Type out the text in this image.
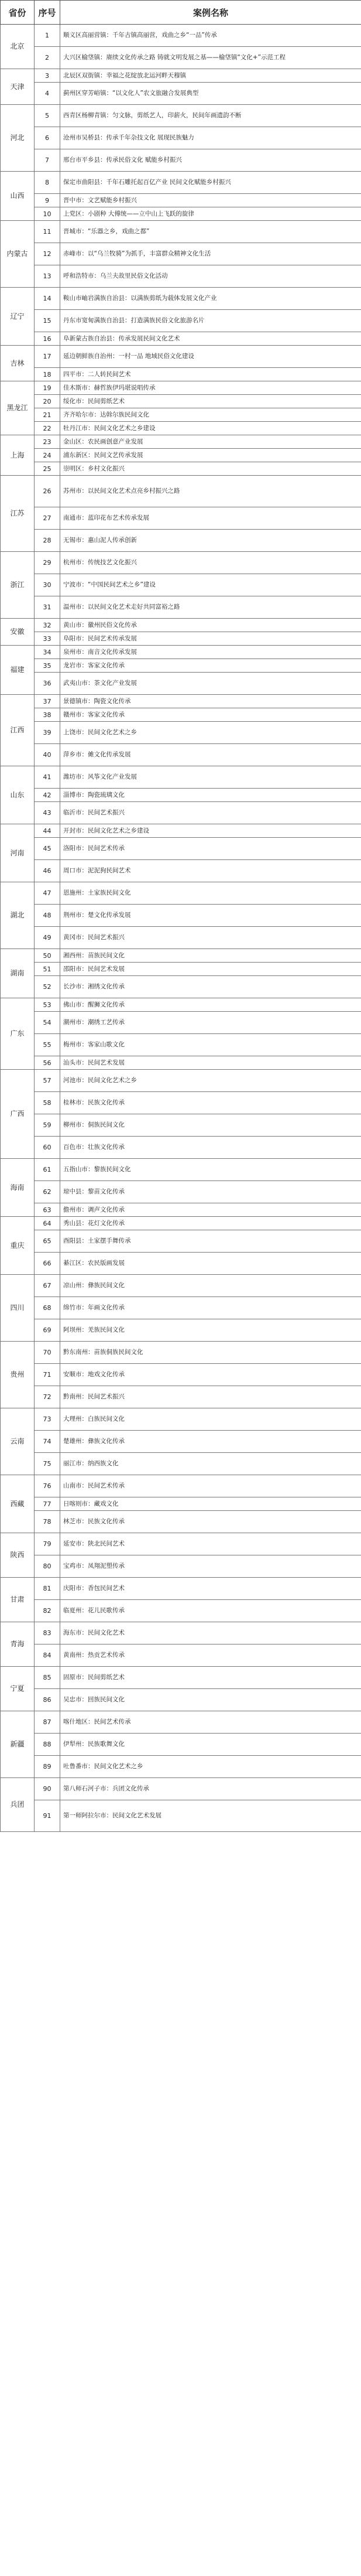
省份	序号	案例名称
北京	1	顺义区高丽营镇：千年古镇高丽营，戏曲之乡“一品”传承
	2	大兴区榆垡镇：赓续文化传承之路 铸就文明发展之基——榆垡镇“文化+”示范工程
天津	3	北辰区双街镇：幸福之花绽放北运河畔天穆镇
	4	蓟州区穿芳峪镇：“以文化人”农文旅融合发展典型
河北	5	西青区杨柳青镇：匀文脉，剪纸艺人，印薪火，民间年画遗韵不断
	6	沧州市吴桥县：传承千年杂技文化 展现民族魅力
	7	邢台市平乡县：传承民俗文化 赋能乡村振兴
山西	8	保定市曲阳县：千年石雕托起百亿产业 民间文化赋能乡村振兴
	9	晋中市：文艺赋能乡村振兴
	10	上党区：小剧种 大傅统——立中山上飞跃的旋律
内蒙古	11	晋城市：“乐器之乡，戏曲之都”
	12	赤峰市：以“乌兰牧骑”为抓手，丰富群众精神文化生活
	13	呼和浩特市：乌兰夫故里民俗文化活动
辽宁	14	鞍山市岫岩满族自治县：以满族剪纸为载体发展文化产业
	15	丹东市宽甸满族自治县：打造满族民俗文化旅游名片
	16	阜新蒙古族自治县：传承发展民间文化艺术
吉林	17	延边朝鲜族自治州：一村一品 地域民俗文化建设
	18	四平市：二人转民间艺术
黑龙江	19	佳木斯市：赫哲族伊玛堪说唱传承
	20	绥化市：民间剪纸艺术
	21	齐齐哈尔市：达斡尔族民间文化
	22	牡丹江市：民间文化艺术之乡建设
上海	23	金山区：农民画创意产业发展
	24	浦东新区：民间文艺传承发展
	25	崇明区：乡村文化振兴
江苏	26	苏州市：以民间文化艺术点亮乡村振兴之路
	27	南通市：蓝印花布艺术传承发展
	28	无锡市：惠山泥人传承创新
浙江	29	杭州市：传统技艺文化振兴
	30	宁波市：“中国民间艺术之乡”建设
	31	温州市：以民间文化艺术走好共同富裕之路
安徽	32	黄山市：徽州民俗文化传承
	33	阜阳市：民间艺术传承发展
福建	34	泉州市：南音文化传承发展
	35	龙岩市：客家文化传承
	36	武夷山市：茶文化产业发展
江西	37	景德镇市：陶瓷文化传承
	38	赣州市：客家文化传承
	39	上饶市：民间文化艺术之乡
	40	萍乡市：傩文化传承发展
山东	41	潍坊市：风筝文化产业发展
	42	淄博市：陶瓷琉璃文化
	43	临沂市：民间艺术振兴
河南	44	开封市：民间文化艺术之乡建设
	45	洛阳市：民间艺术传承
	46	周口市：泥泥狗民间艺术
湖北	47	恩施州：土家族民间文化
	48	荆州市：楚文化传承发展
	49	黄冈市：民间艺术振兴
湖南	50	湘西州：苗族民间文化
	51	邵阳市：民间艺术发展
	52	长沙市：湘绣文化传承
广东	53	佛山市：醒狮文化传承
	54	潮州市：潮绣工艺传承
	55	梅州市：客家山歌文化
	56	汕头市：民间艺术发展
广西	57	河池市：民间文化艺术之乡
	58	桂林市：民族文化传承
	59	柳州市：侗族民间文化
	60	百色市：壮族文化传承
海南	61	五指山市：黎族民间文化
	62	琼中县：黎苗文化传承
	63	儋州市：调声文化传承
重庆	64	秀山县：花灯文化传承
	65	酉阳县：土家摆手舞传承
	66	綦江区：农民版画发展
四川	67	凉山州：彝族民间文化
	68	绵竹市：年画文化传承
	69	阿坝州：羌族民间文化
贵州	70	黔东南州：苗族侗族民间文化
	71	安顺市：地戏文化传承
	72	黔南州：民间艺术振兴
云南	73	大理州：白族民间文化
	74	楚雄州：彝族文化传承
	75	丽江市：纳西族文化
西藏	76	山南市：民间艺术传承
	77	日喀则市：藏戏文化
	78	林芝市：民族文化传承
陕西	79	延安市：陕北民间艺术
	80	宝鸡市：凤翔泥塑传承
甘肃	81	庆阳市：香包民间艺术
	82	临夏州：花儿民歌传承
青海	83	海东市：民间文化艺术
	84	黄南州：热贡艺术传承
宁夏	85	固原市：民间剪纸艺术
	86	吴忠市：回族民间文化
新疆	87	喀什地区：民间艺术传承
	88	伊犁州：民族歌舞文化
	89	吐鲁番市：民间文化艺术之乡
兵团	90	第八师石河子市：兵团文化传承
	91	第一师阿拉尔市：民间文化艺术发展
